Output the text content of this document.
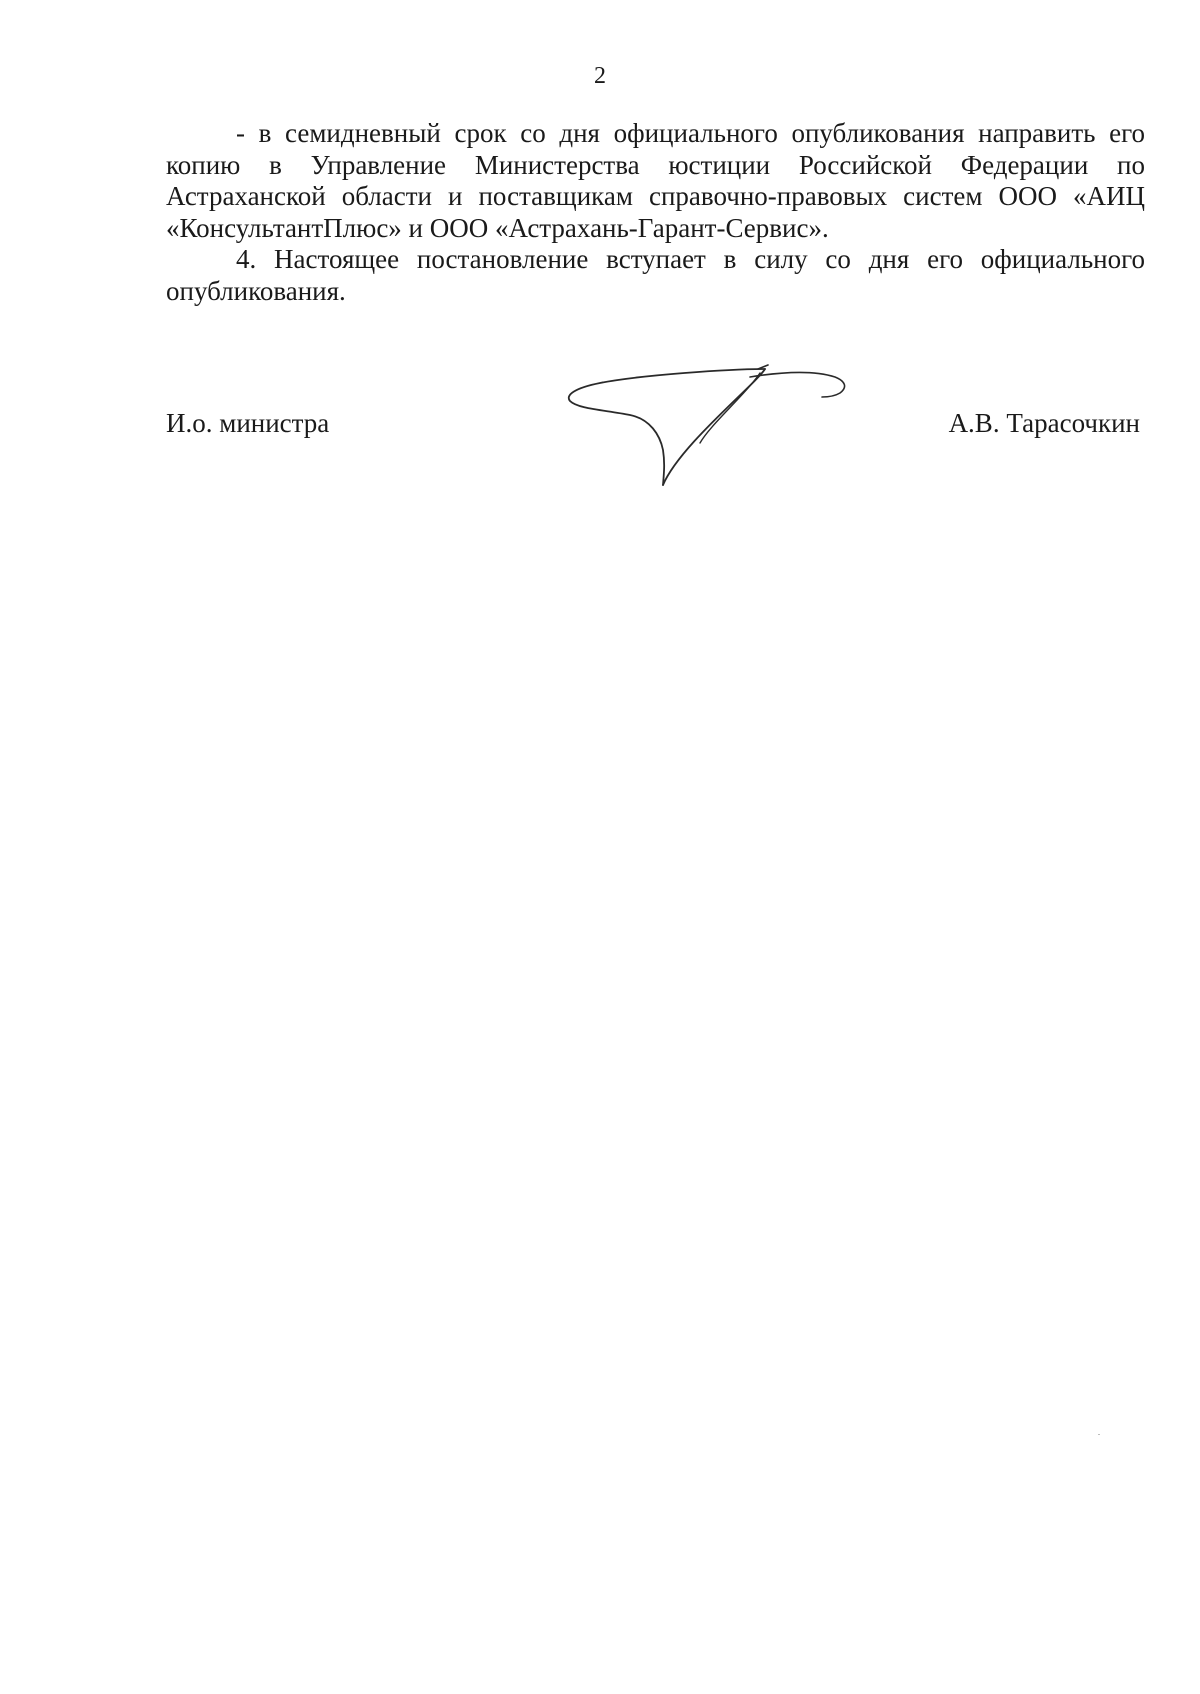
2

- в семидневный срок со дня официального опубликования направить его копию в Управление Министерства юстиции Российской Федерации по Астраханской области и поставщикам справочно-правовых систем ООО «АИЦ «КонсультантПлюс» и ООО «Астрахань-Гарант-Сервис».

4. Настоящее постановление вступает в силу со дня его официального опубликования.

И.о. министра	А.В. Тарасочкин
